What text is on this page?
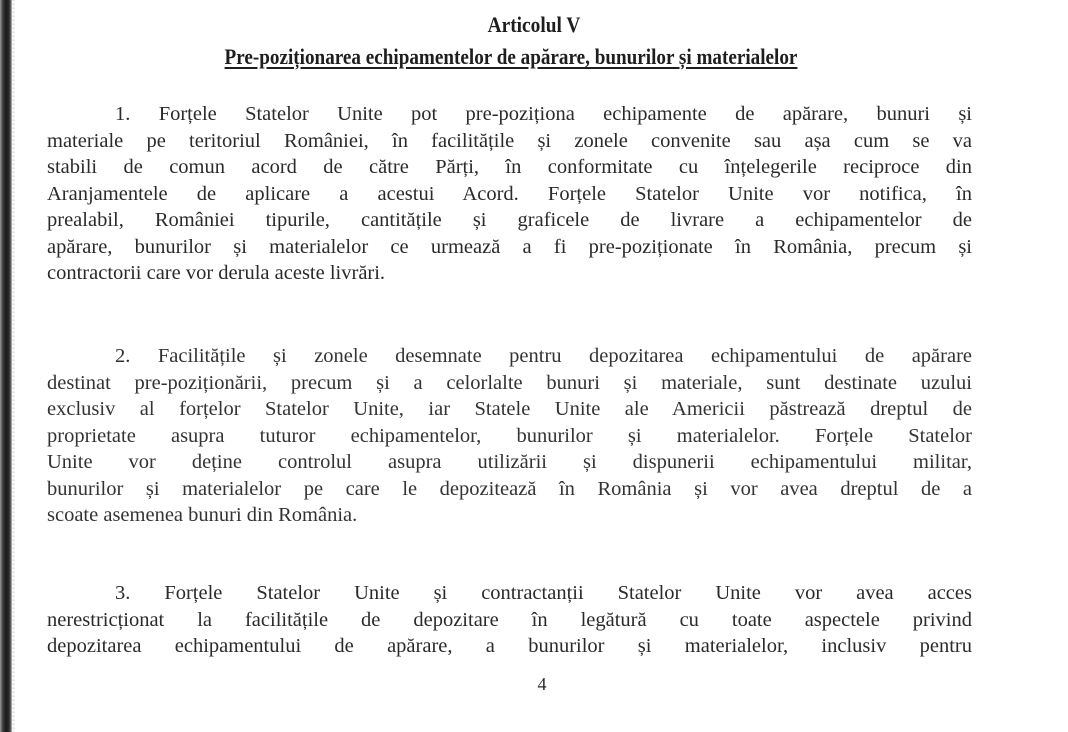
Articolul V
Pre-poziționarea echipamentelor de apărare, bunurilor și materialelor
1. Forțele Statelor Unite pot pre-poziționa echipamente de apărare, bunuri și
materiale pe teritoriul României, în facilitățile și zonele convenite sau așa cum se va
stabili de comun acord de către Părți, în conformitate cu înțelegerile reciproce din
Aranjamentele de aplicare a acestui Acord. Forțele Statelor Unite vor notifica, în
prealabil, României tipurile, cantitățile și graficele de livrare a echipamentelor de
apărare, bunurilor și materialelor ce urmează a fi pre-poziționate în România, precum și
contractorii care vor derula aceste livrări.
2. Facilitățile și zonele desemnate pentru depozitarea echipamentului de apărare
destinat pre-poziționării, precum și a celorlalte bunuri și materiale, sunt destinate uzului
exclusiv al forțelor Statelor Unite, iar Statele Unite ale Americii păstrează dreptul de
proprietate asupra tuturor echipamentelor, bunurilor și materialelor. Forțele Statelor
Unite vor deține controlul asupra utilizării și dispunerii echipamentului militar,
bunurilor și materialelor pe care le depozitează în România și vor avea dreptul de a
scoate asemenea bunuri din România.
3. Forțele Statelor Unite și contractanții Statelor Unite vor avea acces
nerestricționat la facilitățile de depozitare în legătură cu toate aspectele privind
depozitarea echipamentului de apărare, a bunurilor și materialelor, inclusiv pentru
4
